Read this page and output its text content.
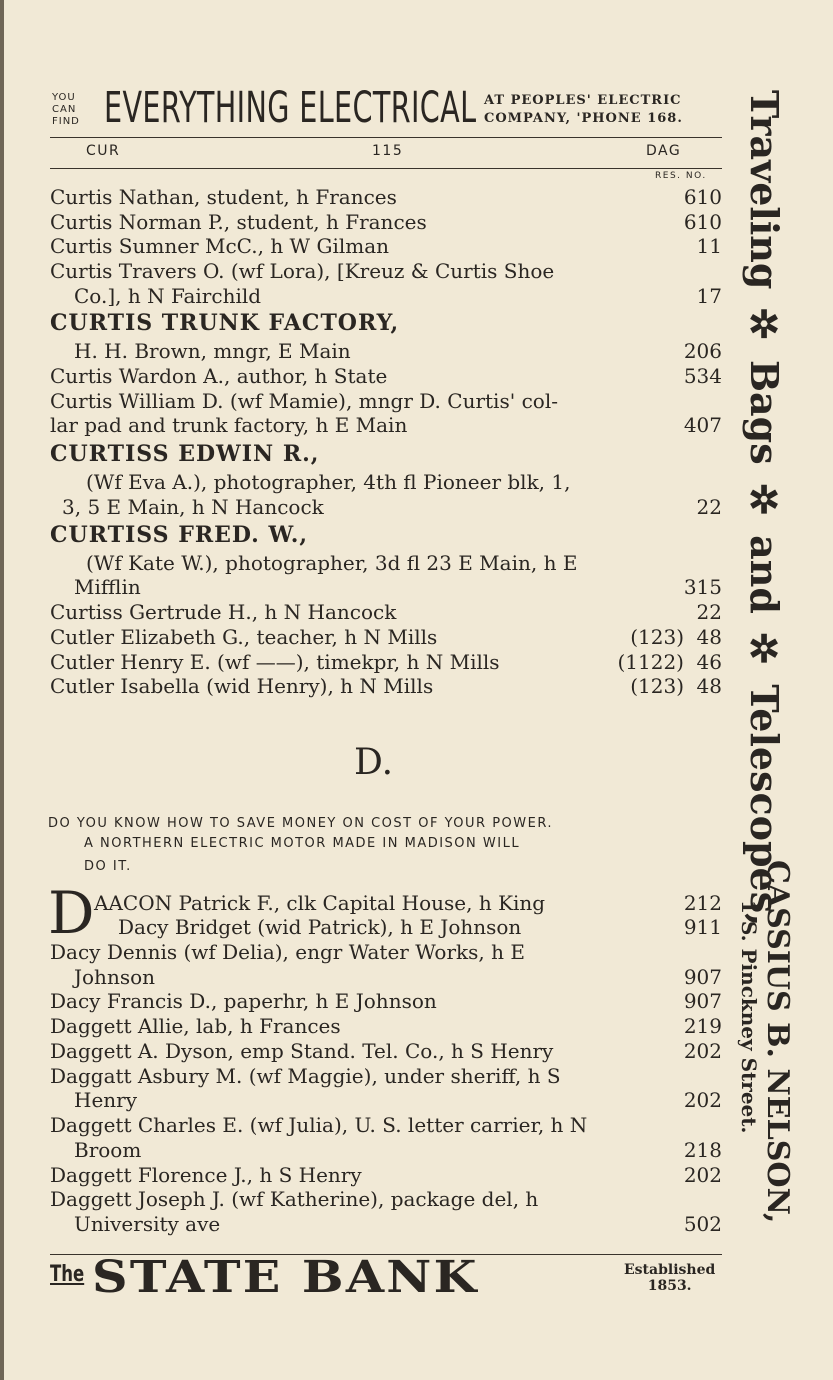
YOU
CAN
FIND EVERYTHING ELECTRICAL AT PEOPLES' ELECTRIC
COMPANY, 'PHONE 168.
CUR	115	DAG
RES. NO.
Curtis Nathan, student, h Frances	610
Curtis Norman P., student, h Frances	610
Curtis Sumner McC., h W Gilman	11
Curtis Travers O. (wf Lora), [Kreuz & Curtis Shoe
Co.], h N Fairchild	17
CURTIS TRUNK FACTORY,
H. H. Brown, mngr, E Main	206
Curtis Wardon A., author, h State	534
Curtis William D. (wf Mamie), mngr D. Curtis' col-
lar pad and trunk factory, h E Main	407
CURTISS EDWIN R.,
(Wf Eva A.), photographer, 4th fl Pioneer blk, 1,
3, 5 E Main, h N Hancock	22
CURTISS FRED. W.,
(Wf Kate W.), photographer, 3d fl 23 E Main, h E
Mifflin	315
Curtiss Gertrude H., h N Hancock	22
Cutler Elizabeth G., teacher, h N Mills	(123) 48
Cutler Henry E. (wf ——), timekpr, h N Mills	(1122) 46
Cutler Isabella (wid Henry), h N Mills	(123) 48
D.
DO YOU KNOW HOW TO SAVE MONEY ON COST OF YOUR POWER.
A NORTHERN ELECTRIC MOTOR MADE IN MADISON WILL
DO IT.
D AACON Patrick F., clk Capital House, h King	212
Dacy Bridget (wid Patrick), h E Johnson	911
Dacy Dennis (wf Delia), engr Water Works, h E
Johnson	907
Dacy Francis D., paperhr, h E Johnson	907
Daggett Allie, lab, h Frances	219
Daggett A. Dyson, emp Stand. Tel. Co., h S Henry	202
Daggatt Asbury M. (wf Maggie), under sheriff, h S
Henry	202
Daggett Charles E. (wf Julia), U. S. letter carrier, h N
Broom	218
Daggett Florence J., h S Henry	202
Daggett Joseph J. (wf Katherine), package del, h
University ave	502
The STATE BANK	Established
1853.
Traveling ✲ Bags ✲ and ✲ Telescopes,
CASSIUS B. NELSON,
1 S. Pinckney Street.
